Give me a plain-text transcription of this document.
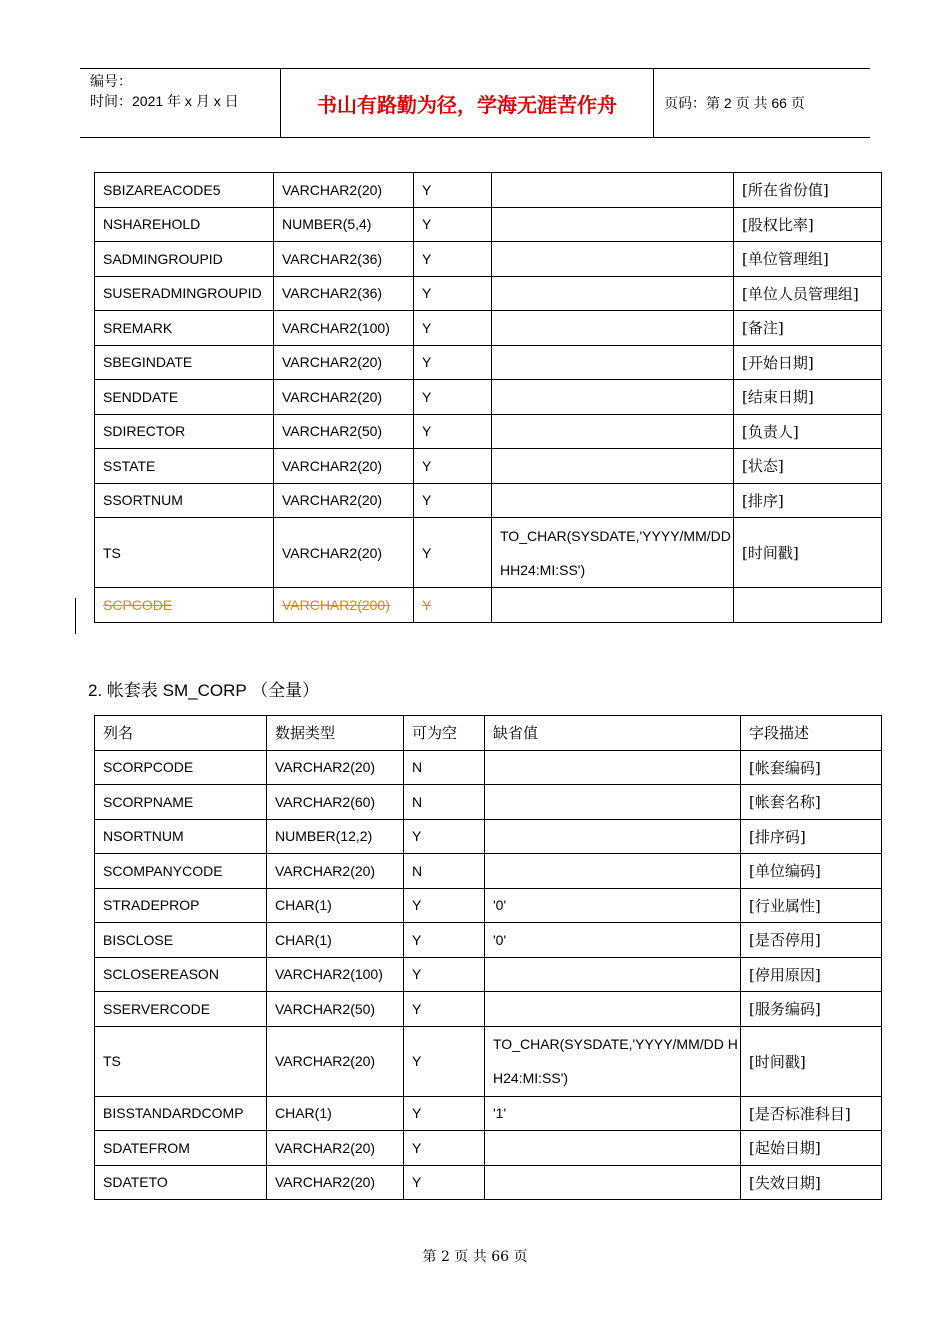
编号：
时间：2021 年 x 月 x 日	书山有路勤为径，学海无涯苦作舟	页码：第 2 页 共 66 页
SBIZAREACODE5	VARCHAR2(20)	Y		[所在省份值]
NSHAREHOLD	NUMBER(5,4)	Y		[股权比率]
SADMINGROUPID	VARCHAR2(36)	Y		[单位管理组]
SUSERADMINGROUPID	VARCHAR2(36)	Y		[单位人员管理组]
SREMARK	VARCHAR2(100)	Y		[备注]
SBEGINDATE	VARCHAR2(20)	Y		[开始日期]
SENDDATE	VARCHAR2(20)	Y		[结束日期]
SDIRECTOR	VARCHAR2(50)	Y		[负责人]
SSTATE	VARCHAR2(20)	Y		[状态]
SSORTNUM	VARCHAR2(20)	Y		[排序]
TS	VARCHAR2(20)	Y	TO_CHAR(SYSDATE,'YYYY/MM/DD HH24:MI:SS')	[时间戳]
SCPCODE	VARCHAR2(200)	Y		
2. 帐套表 SM_CORP （全量）
列名	数据类型	可为空	缺省值	字段描述
SCORPCODE	VARCHAR2(20)	N		[帐套编码]
SCORPNAME	VARCHAR2(60)	N		[帐套名称]
NSORTNUM	NUMBER(12,2)	Y		[排序码]
SCOMPANYCODE	VARCHAR2(20)	N		[单位编码]
STRADEPROP	CHAR(1)	Y	'0'	[行业属性]
BISCLOSE	CHAR(1)	Y	'0'	[是否停用]
SCLOSEREASON	VARCHAR2(100)	Y		[停用原因]
SSERVERCODE	VARCHAR2(50)	Y		[服务编码]
TS	VARCHAR2(20)	Y	TO_CHAR(SYSDATE,'YYYY/MM/DD HH24:MI:SS')	[时间戳]
BISSTANDARDCOMP	CHAR(1)	Y	'1'	[是否标准科目]
SDATEFROM	VARCHAR2(20)	Y		[起始日期]
SDATETO	VARCHAR2(20)	Y		[失效日期]
第 2 页 共 66 页
